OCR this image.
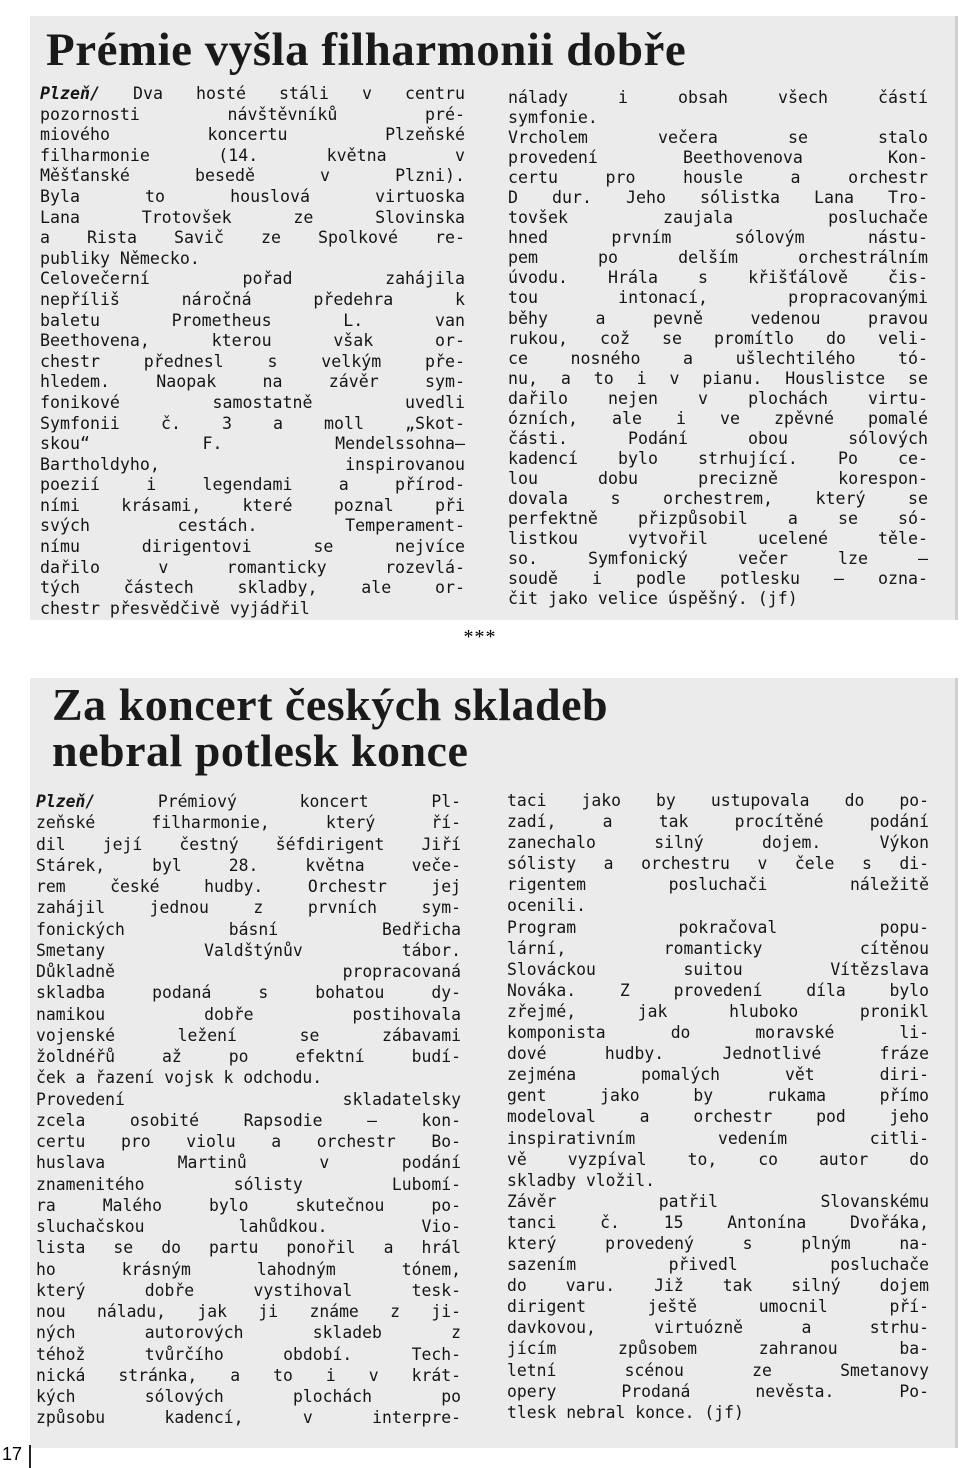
Prémie vyšla filharmonii dobře
Plzeň/ Dva hosté stáli v centru
pozornosti návštěvníků pré-
miového koncertu Plzeňské
filharmonie (14. května v
Měšťanské besedě v Plzni).
Byla to houslová virtuoska
Lana Trotovšek ze Slovinska
a Rista Savič ze Spolkové re-
publiky Německo.
Celovečerní pořad zahájila
nepříliš náročná předehra k
baletu Prometheus L. van
Beethovena, kterou však or-
chestr přednesl s velkým pře-
hledem. Naopak na závěr sym-
fonikové samostatně uvedli
Symfonii č. 3 a moll „Skot-
skou“ F. Mendelssohna–
Bartholdyho, inspirovanou
poezií i legendami a přírod-
ními krásami, které poznal při
svých cestách. Temperament-
nímu dirigentovi se nejvíce
dařilo v romanticky rozevlá-
tých částech skladby, ale or-
chestr přesvědčivě vyjádřil
nálady i obsah všech částí
symfonie.
Vrcholem večera se stalo
provedení Beethovenova Kon-
certu pro housle a orchestr
D dur. Jeho sólistka Lana Tro-
tovšek zaujala posluchače
hned prvním sólovým nástu-
pem po delším orchestrálním
úvodu. Hrála s křišťálově čis-
tou intonací, propracovanými
běhy a pevně vedenou pravou
rukou, což se promítlo do veli-
ce nosného a ušlechtilého tó-
nu, a to i v pianu. Houslistce se
dařilo nejen v plochách virtu-
ózních, ale i ve zpěvné pomalé
části. Podání obou sólových
kadencí bylo strhující. Po ce-
lou dobu precizně korespon-
dovala s orchestrem, který se
perfektně přizpůsobil a se só-
listkou vytvořil ucelené těle-
so. Symfonický večer lze –
soudě i podle potlesku – ozna-
čit jako velice úspěšný. (jf)
***
Za koncert českých skladeb
nebral potlesk konce
Plzeň/ Prémiový koncert Pl-
zeňské filharmonie, který ří-
dil její čestný šéfdirigent Jiří
Stárek, byl 28. května veče-
rem české hudby. Orchestr jej
zahájil jednou z prvních sym-
fonických básní Bedřicha
Smetany Valdštýnův tábor.
Důkladně propracovaná
skladba podaná s bohatou dy-
namikou dobře postihovala
vojenské ležení se zábavami
žoldnéřů až po efektní budí-
ček a řazení vojsk k odchodu.
Provedení skladatelsky
zcela osobité Rapsodie – kon-
certu pro violu a orchestr Bo-
huslava Martinů v podání
znamenitého sólisty Lubomí-
ra Malého bylo skutečnou po-
sluchačskou lahůdkou. Vio-
lista se do partu ponořil a hrál
ho krásným lahodným tónem,
který dobře vystihoval tesk-
nou náladu, jak ji známe z ji-
ných autorových skladeb z
téhož tvůrčího období. Tech-
nická stránka, a to i v krát-
kých sólových plochách po
způsobu kadencí, v interpre-
taci jako by ustupovala do po-
zadí, a tak procítěné podání
zanechalo silný dojem. Výkon
sólisty a orchestru v čele s di-
rigentem posluchači náležitě
ocenili.
Program pokračoval popu-
lární, romanticky cítěnou
Slováckou suitou Vítězslava
Nováka. Z provedení díla bylo
zřejmé, jak hluboko pronikl
komponista do moravské li-
dové hudby. Jednotlivé fráze
zejména pomalých vět diri-
gent jako by rukama přímo
modeloval a orchestr pod jeho
inspirativním vedením citli-
vě vyzpíval to, co autor do
skladby vložil.
Závěr patřil Slovanskému
tanci č. 15 Antonína Dvořáka,
který provedený s plným na-
sazením přivedl posluchače
do varu. Již tak silný dojem
dirigent ještě umocnil pří-
davkovou, virtuózně a strhu-
jícím způsobem zahranou ba-
letní scénou ze Smetanovy
opery Prodaná nevěsta. Po-
tlesk nebral konce. (jf)
17
